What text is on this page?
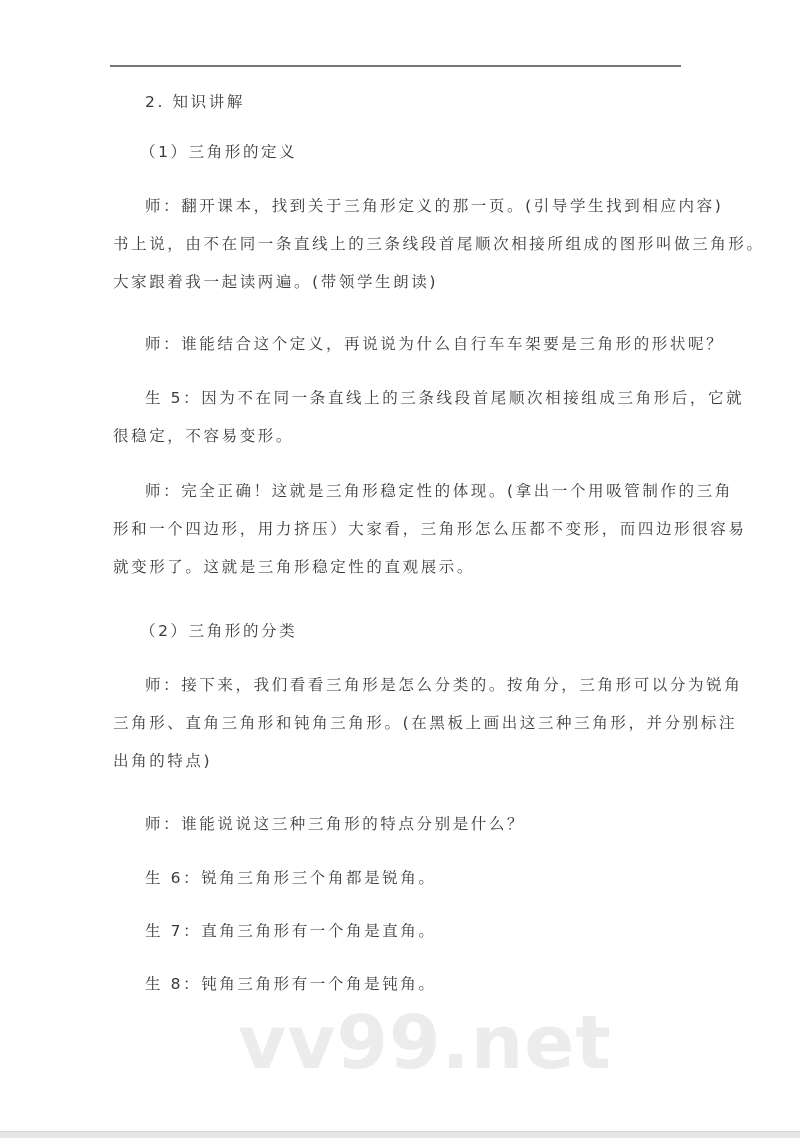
2. 知识讲解
（1）三角形的定义
师：翻开课本，找到关于三角形定义的那一页。(引导学生找到相应内容)
书上说，由不在同一条直线上的三条线段首尾顺次相接所组成的图形叫做三角形。
大家跟着我一起读两遍。(带领学生朗读)
师：谁能结合这个定义，再说说为什么自行车车架要是三角形的形状呢？
生 5：因为不在同一条直线上的三条线段首尾顺次相接组成三角形后，它就
很稳定，不容易变形。
师：完全正确！这就是三角形稳定性的体现。(拿出一个用吸管制作的三角
形和一个四边形，用力挤压）大家看，三角形怎么压都不变形，而四边形很容易
就变形了。这就是三角形稳定性的直观展示。
（2）三角形的分类
师：接下来，我们看看三角形是怎么分类的。按角分，三角形可以分为锐角
三角形、直角三角形和钝角三角形。(在黑板上画出这三种三角形，并分别标注
出角的特点)
师：谁能说说这三种三角形的特点分别是什么？
生 6：锐角三角形三个角都是锐角。
生 7：直角三角形有一个角是直角。
生 8：钝角三角形有一个角是钝角。
vv99.net
